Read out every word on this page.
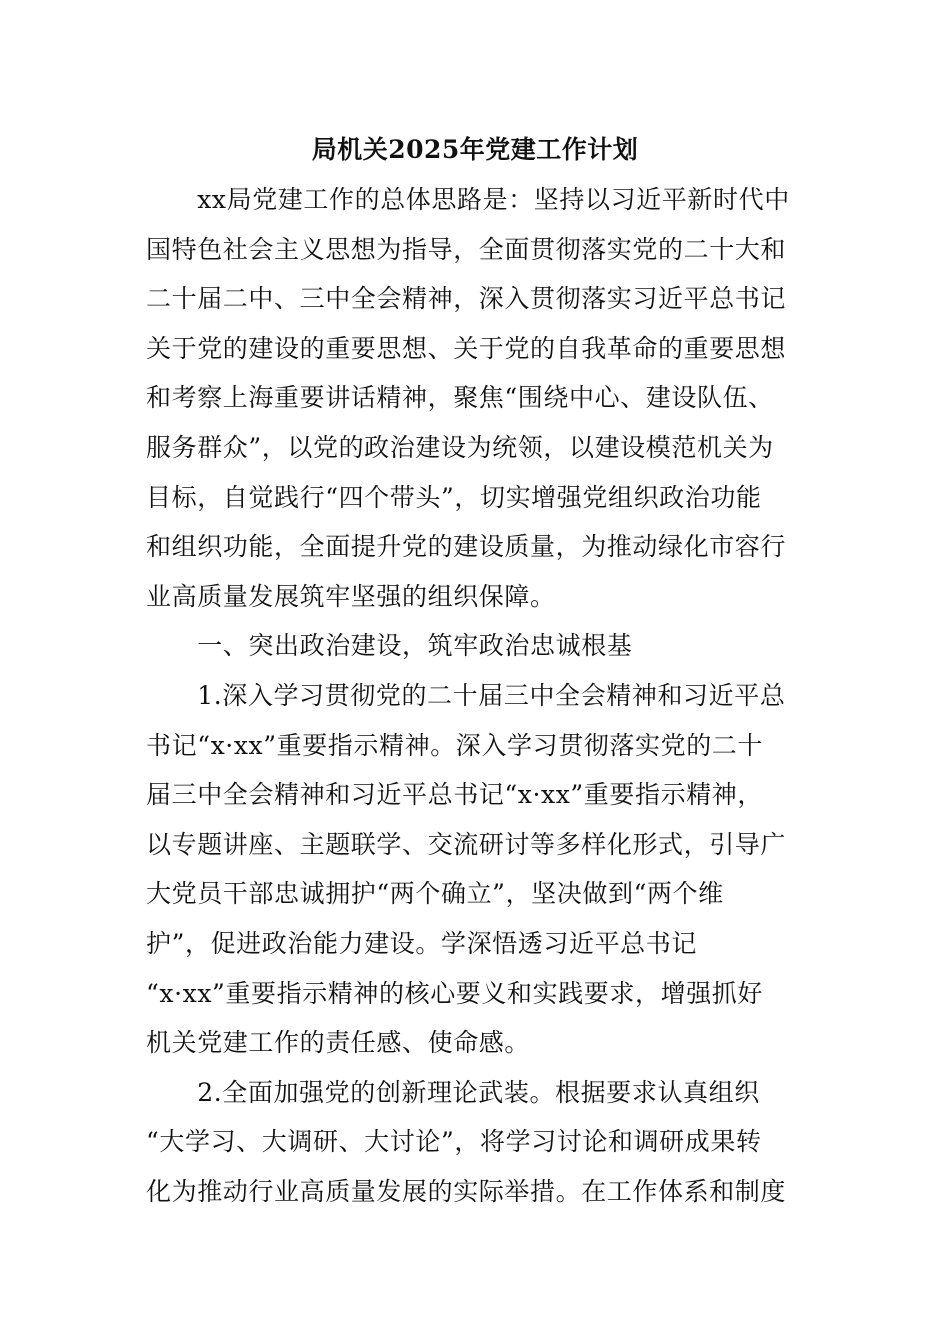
局机关2025年党建工作计划
　　xx局党建工作的总体思路是：坚持以习近平新时代中
国特色社会主义思想为指导，全面贯彻落实党的二十大和
二十届二中、三中全会精神，深入贯彻落实习近平总书记
关于党的建设的重要思想、关于党的自我革命的重要思想
和考察上海重要讲话精神，聚焦“围绕中心、建设队伍、
服务群众”，以党的政治建设为统领，以建设模范机关为
目标，自觉践行“四个带头”，切实增强党组织政治功能
和组织功能，全面提升党的建设质量，为推动绿化市容行
业高质量发展筑牢坚强的组织保障。
　　一、突出政治建设，筑牢政治忠诚根基
　　1.深入学习贯彻党的二十届三中全会精神和习近平总
书记“x·xx”重要指示精神。深入学习贯彻落实党的二十
届三中全会精神和习近平总书记“x·xx”重要指示精神，
以专题讲座、主题联学、交流研讨等多样化形式，引导广
大党员干部忠诚拥护“两个确立”，坚决做到“两个维
护”，促进政治能力建设。学深悟透习近平总书记
“x·xx”重要指示精神的核心要义和实践要求，增强抓好
机关党建工作的责任感、使命感。
　　2.全面加强党的创新理论武装。根据要求认真组织
“大学习、大调研、大讨论”，将学习讨论和调研成果转
化为推动行业高质量发展的实际举措。在工作体系和制度
